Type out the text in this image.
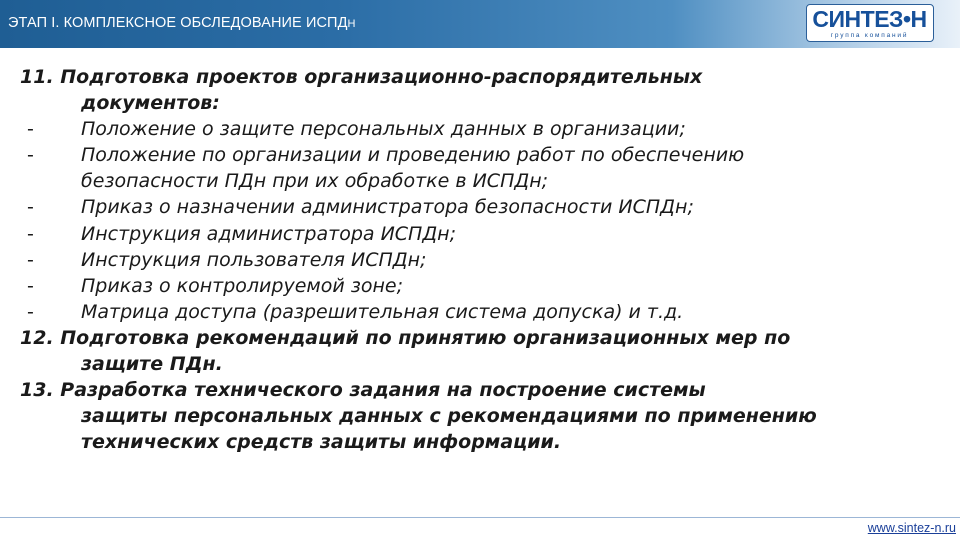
ЭТАП I. КОМПЛЕКСНОЕ ОБСЛЕДОВАНИЕ ИСПДН	СИНТЕЗ•Н
группа компаний
11. Подготовка проектов организационно-распорядительных
документов:
- Положение о защите персональных данных в организации;
- Положение по организации и проведению работ по обеспечению
безопасности ПДн при их обработке в ИСПДн;
- Приказ о назначении администратора безопасности ИСПДн;
- Инструкция администратора ИСПДн;
- Инструкция пользователя ИСПДн;
- Приказ о контролируемой зоне;
- Матрица доступа (разрешительная система допуска) и т.д.
12. Подготовка рекомендаций по принятию организационных мер по
защите ПДн.
13. Разработка технического задания на построение системы
защиты персональных данных с рекомендациями по применению
технических средств защиты информации.
www.sintez-n.ru
